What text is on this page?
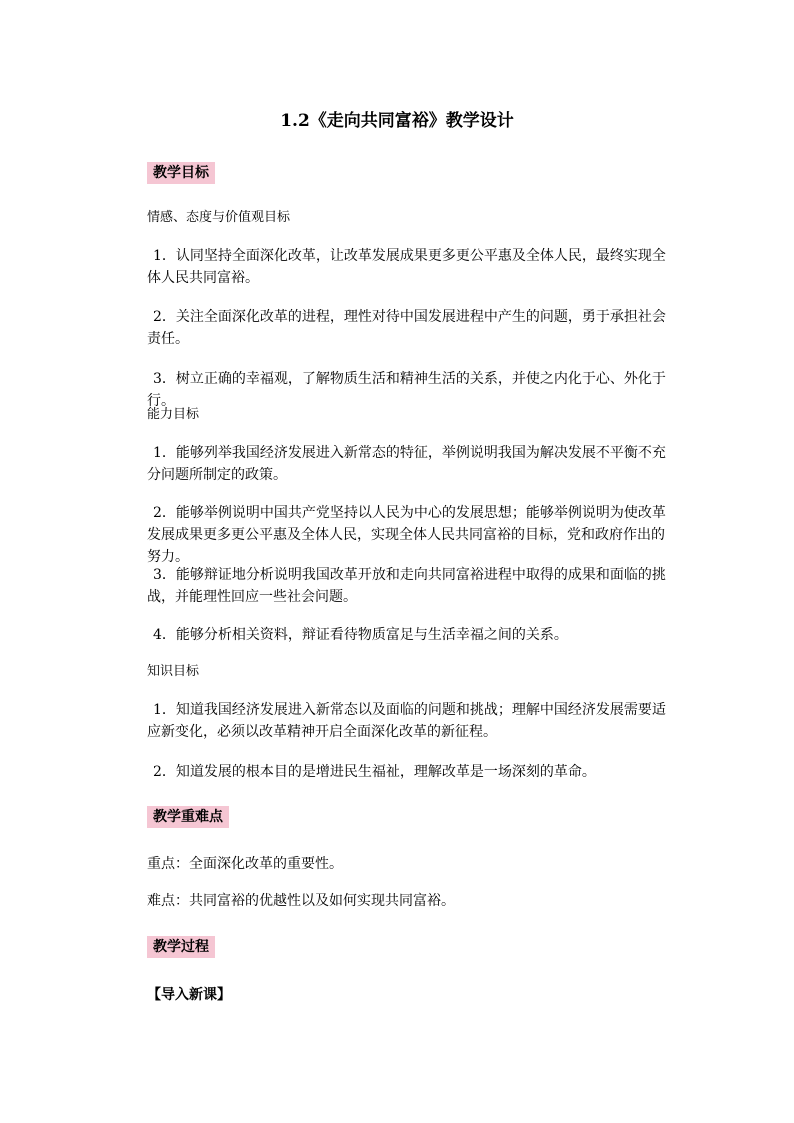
1.2《走向共同富裕》教学设计
教学目标
情感、态度与价值观目标

1．认同坚持全面深化改革，让改革发展成果更多更公平惠及全体人民，最终实现全体人民共同富裕。

2．关注全面深化改革的进程，理性对待中国发展进程中产生的问题，勇于承担社会责任。

3．树立正确的幸福观，了解物质生活和精神生活的关系，并使之内化于心、外化于行。

能力目标

1．能够列举我国经济发展进入新常态的特征，举例说明我国为解决发展不平衡不充分问题所制定的政策。

2．能够举例说明中国共产党坚持以人民为中心的发展思想；能够举例说明为使改革发展成果更多更公平惠及全体人民，实现全体人民共同富裕的目标，党和政府作出的努力。

3．能够辩证地分析说明我国改革开放和走向共同富裕进程中取得的成果和面临的挑战，并能理性回应一些社会问题。

4．能够分析相关资料，辩证看待物质富足与生活幸福之间的关系。

知识目标

1．知道我国经济发展进入新常态以及面临的问题和挑战；理解中国经济发展需要适应新变化，必须以改革精神开启全面深化改革的新征程。

2．知道发展的根本目的是增进民生福祉，理解改革是一场深刻的革命。

教学重难点
重点：全面深化改革的重要性。
难点：共同富裕的优越性以及如何实现共同富裕。
教学过程
【导入新课】
